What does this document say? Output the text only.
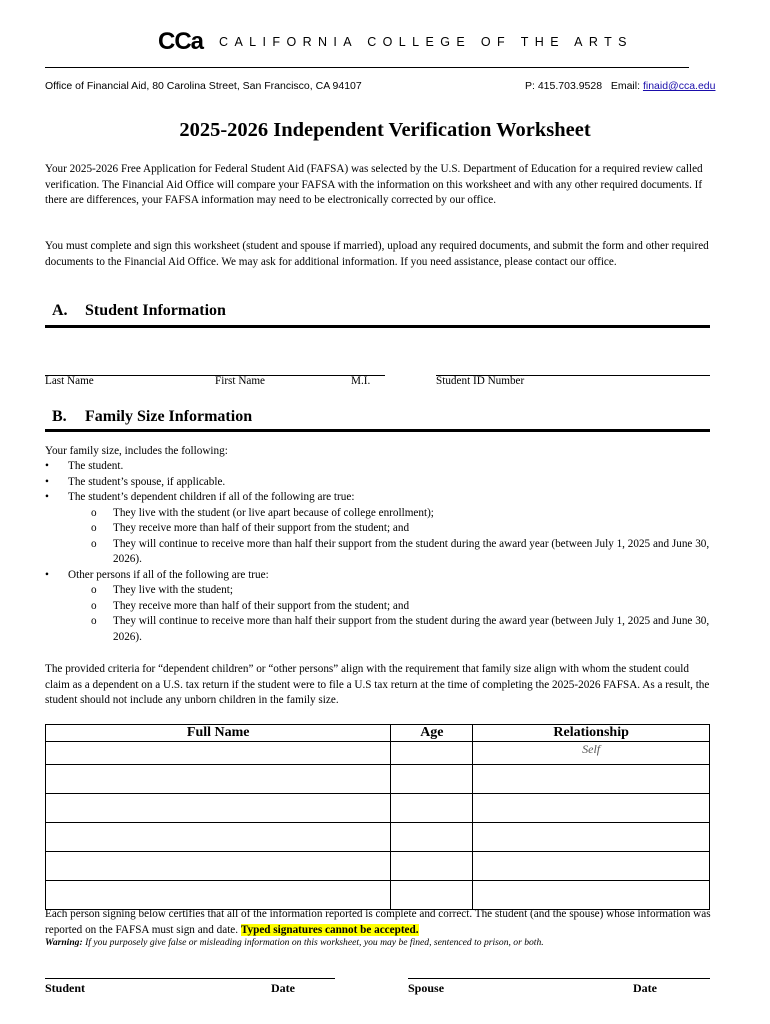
CCa CALIFORNIA COLLEGE OF THE ARTS
Office of Financial Aid, 80 Carolina Street, San Francisco, CA 94107	P: 415.703.9528 Email: finaid@cca.edu
2025-2026 Independent Verification Worksheet
Your 2025-2026 Free Application for Federal Student Aid (FAFSA) was selected by the U.S. Department of Education for a required review called verification. The Financial Aid Office will compare your FAFSA with the information on this worksheet and with any other required documents. If there are differences, your FAFSA information may need to be electronically corrected by our office.
You must complete and sign this worksheet (student and spouse if married), upload any required documents, and submit the form and other required documents to the Financial Aid Office. We may ask for additional information. If you need assistance, please contact our office.
A. Student Information
Last Name	First Name	M.I.	Student ID Number
B. Family Size Information
Your family size, includes the following:
• The student.
• The student’s spouse, if applicable.
• The student’s dependent children if all of the following are true:
o They live with the student (or live apart because of college enrollment);
o They receive more than half of their support from the student; and
o They will continue to receive more than half their support from the student during the award year (between July 1, 2025 and June 30, 2026).
• Other persons if all of the following are true:
o They live with the student;
o They receive more than half of their support from the student; and
o They will continue to receive more than half their support from the student during the award year (between July 1, 2025 and June 30, 2026).
The provided criteria for “dependent children” or “other persons” align with the requirement that family size align with whom the student could claim as a dependent on a U.S. tax return if the student were to file a U.S tax return at the time of completing the 2025-2026 FAFSA. As a result, the student should not include any unborn children in the family size.
Full Name	Age	Relationship
		Self

Each person signing below certifies that all of the information reported is complete and correct. The student (and the spouse) whose information was reported on the FAFSA must sign and date. Typed signatures cannot be accepted.
Warning: If you purposely give false or misleading information on this worksheet, you may be fined, sentenced to prison, or both.
Student	Date	Spouse	Date
